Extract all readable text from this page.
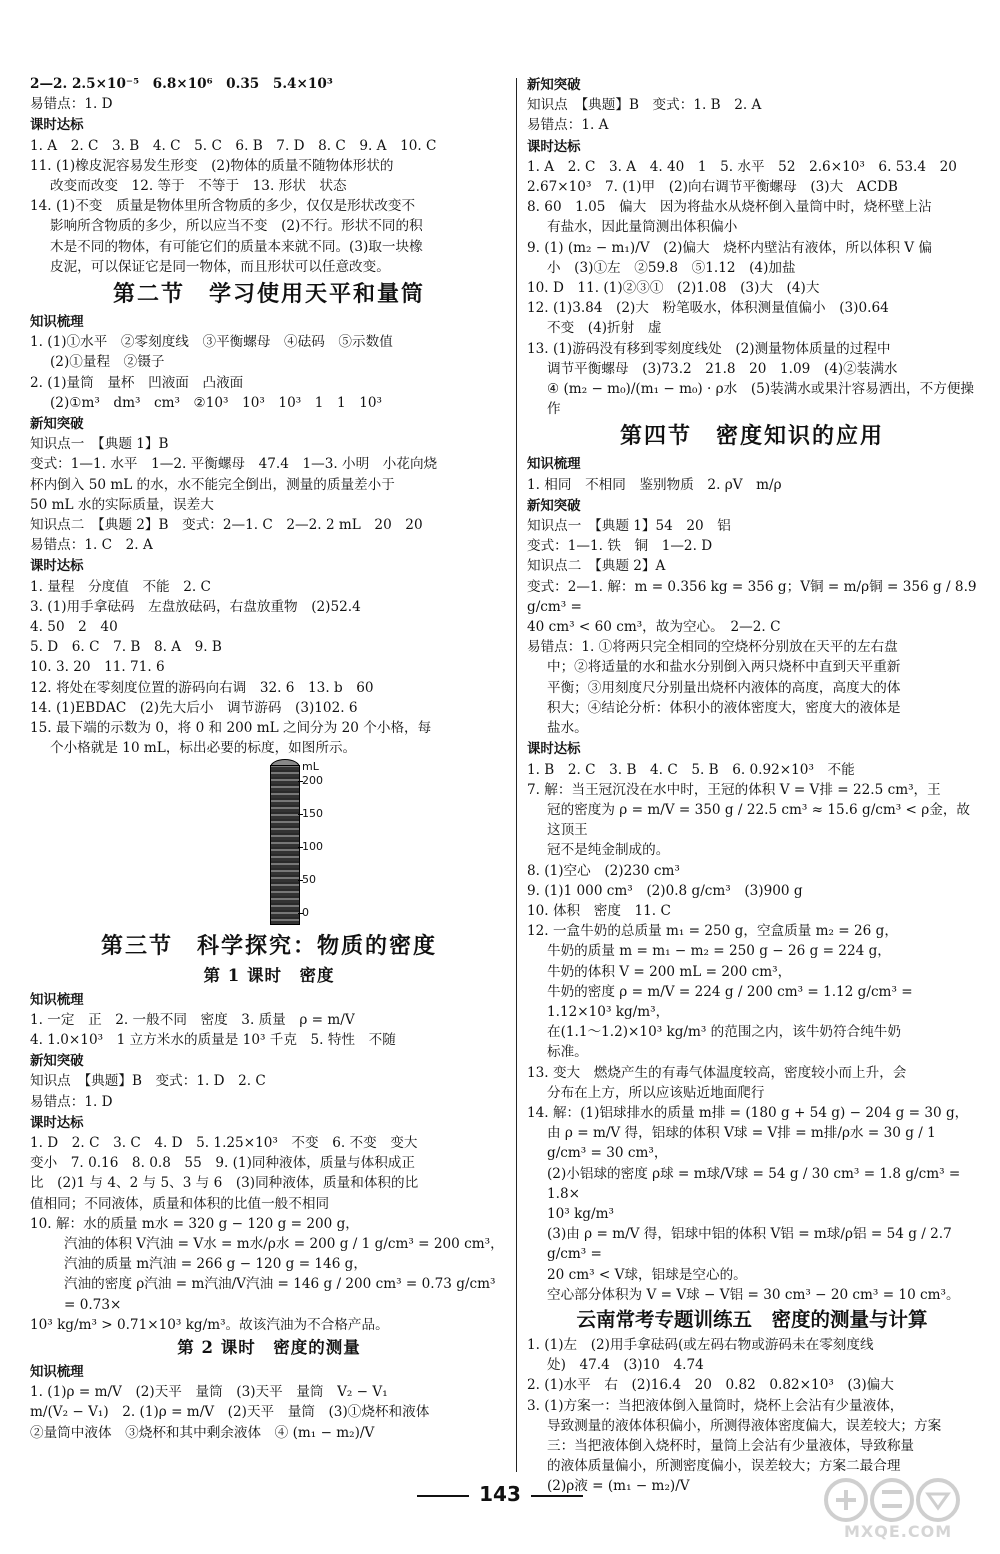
2—2. 2.5×10⁻⁵　6.8×10⁶　0.35　5.4×10³
易错点：1. D
课时达标
1. A　2. C　3. B　4. C　5. C　6. B　7. D　8. C　9. A　10. C
11. (1)橡皮泥容易发生形变　(2)物体的质量不随物体形状的
改变而改变　12. 等于　不等于　13. 形状　状态
14. (1)不变　质量是物体里所含物质的多少，仅仅是形状改变不
影响所含物质的多少，所以应当不变　(2)不行。形状不同的积
木是不同的物体，有可能它们的质量本来就不同。(3)取一块橡
皮泥，可以保证它是同一物体，而且形状可以任意改变。
第二节　学习使用天平和量筒
知识梳理
1. (1)①水平　②零刻度线　③平衡螺母　④砝码　⑤示数值
(2)①量程　②镊子
2. (1)量筒　量杯　凹液面　凸液面
(2)①m³　dm³　cm³　②10³　10³　10³　1　1　10³
新知突破
知识点一　【典题 1】B
变式：1—1. 水平　1—2. 平衡螺母　47.4　1—3. 小明　小花向烧
杯内倒入 50 mL 的水，水不能完全倒出，测量的质量差小于
50 mL 水的实际质量，误差大
知识点二　【典题 2】B　变式：2—1. C　2—2. 2 mL　20　20
易错点：1. C　2. A
课时达标
1. 量程　分度值　不能　2. C
3. (1)用手拿砝码　左盘放砝码，右盘放重物　(2)52.4
4. 50　2　40
5. D　6. C　7. B　8. A　9. B
10. 3. 20　11. 71. 6
12. 将处在零刻度位置的游码向右调　32. 6　13. b　60
14. (1)EBDAC　(2)先大后小　调节游码　(3)102. 6
15. 最下端的示数为 0，将 0 和 200 mL 之间分为 20 个小格，每
个小格就是 10 mL，标出必要的标度，如图所示。
mL
200
150
100
50
0
第三节　科学探究：物质的密度
第 1 课时　密度
知识梳理
1. 一定　正　2. 一般不同　密度　3. 质量　ρ = m/V
4. 1.0×10³　1 立方米水的质量是 10³ 千克　5. 特性　不随
新知突破
知识点　【典题】B　变式：1. D　2. C
易错点：1. D
课时达标
1. D　2. C　3. C　4. D　5. 1.25×10³　不变　6. 不变　变大
变小　7. 0.16　8. 0.8　55　9. (1)同种液体，质量与体积成正
比　(2)1 与 4、2 与 5、3 与 6　(3)同种液体，质量和体积的比
值相同；不同液体，质量和体积的比值一般不相同
10. 解：水的质量 m水 = 320 g − 120 g = 200 g，
汽油的体积 V汽油 = V水 = m水/ρ水 = 200 g / 1 g/cm³ = 200 cm³，
汽油的质量 m汽油 = 266 g − 120 g = 146 g，
汽油的密度 ρ汽油 = m汽油/V汽油 = 146 g / 200 cm³ = 0.73 g/cm³ = 0.73×
10³ kg/m³ > 0.71×10³ kg/m³。故该汽油为不合格产品。
第 2 课时　密度的测量
知识梳理
1. (1)ρ = m/V　(2)天平　量筒　(3)天平　量筒　V₂ − V₁
m/(V₂ − V₁)　2. (1)ρ = m/V　(2)天平　量筒　(3)①烧杯和液体
②量筒中液体　③烧杯和其中剩余液体　④ (m₁ − m₂)/V
新知突破
知识点　【典题】B　变式：1. B　2. A
易错点：1. A
课时达标
1. A　2. C　3. A　4. 40　1　5. 水平　52　2.6×10³　6. 53.4　20
2.67×10³　7. (1)甲　(2)向右调节平衡螺母　(3)大　ACDB
8. 60　1.05　偏大　因为将盐水从烧杯倒入量筒中时，烧杯壁上沾
有盐水，因此量筒测出体积偏小
9. (1) (m₂ − m₁)/V　(2)偏大　烧杯内壁沾有液体，所以体积 V 偏
小　(3)①左　②59.8　⑤1.12　(4)加盐
10. D　11. (1)②③①　(2)1.08　(3)大　(4)大
12. (1)3.84　(2)大　粉笔吸水，体积测量值偏小　(3)0.64
不变　(4)折射　虚
13. (1)游码没有移到零刻度线处　(2)测量物体质量的过程中
调节平衡螺母　(3)73.2　21.8　20　1.09　(4)②装满水
④ (m₂ − m₀)/(m₁ − m₀) · ρ水　(5)装满水或果汁容易洒出，不方便操作
第四节　密度知识的应用
知识梳理
1. 相同　不相同　鉴别物质　2. ρV　m/ρ
新知突破
知识点一　【典题 1】54　20　铝
变式：1—1. 铁　铜　1—2. D
知识点二　【典题 2】A
变式：2—1. 解：m = 0.356 kg = 356 g；V铜 = m/ρ铜 = 356 g / 8.9 g/cm³ =
40 cm³ < 60 cm³，故为空心。　2—2. C
易错点：1. ①将两只完全相同的空烧杯分别放在天平的左右盘
中；②将适量的水和盐水分别倒入两只烧杯中直到天平重新
平衡；③用刻度尺分别量出烧杯内液体的高度，高度大的体
积大；④结论分析：体积小的液体密度大，密度大的液体是
盐水。
课时达标
1. B　2. C　3. B　4. C　5. B　6. 0.92×10³　不能
7. 解：当王冠沉没在水中时，王冠的体积 V = V排 = 22.5 cm³，王
冠的密度为 ρ = m/V = 350 g / 22.5 cm³ ≈ 15.6 g/cm³ < ρ金，故这顶王
冠不是纯金制成的。
8. (1)空心　(2)230 cm³
9. (1)1 000 cm³　(2)0.8 g/cm³　(3)900 g
10. 体积　密度　11. C
12. 一盒牛奶的总质量 m₁ = 250 g，空盒质量 m₂ = 26 g，
牛奶的质量 m = m₁ − m₂ = 250 g − 26 g = 224 g，
牛奶的体积 V = 200 mL = 200 cm³，
牛奶的密度 ρ = m/V = 224 g / 200 cm³ = 1.12 g/cm³ = 1.12×10³ kg/m³，
在(1.1～1.2)×10³ kg/m³ 的范围之内，该牛奶符合纯牛奶
标准。
13. 变大　燃烧产生的有毒气体温度较高，密度较小而上升，会
分布在上方，所以应该贴近地面爬行
14. 解：(1)铝球排水的质量 m排 = (180 g + 54 g) − 204 g = 30 g，
由 ρ = m/V 得，铝球的体积 V球 = V排 = m排/ρ水 = 30 g / 1 g/cm³ = 30 cm³，
(2)小铝球的密度 ρ球 = m球/V球 = 54 g / 30 cm³ = 1.8 g/cm³ = 1.8×
10³ kg/m³
(3)由 ρ = m/V 得，铝球中铝的体积 V铝 = m球/ρ铝 = 54 g / 2.7 g/cm³ =
20 cm³ < V球，铝球是空心的。
空心部分体积为 V = V球 − V铝 = 30 cm³ − 20 cm³ = 10 cm³。
云南常考专题训练五　密度的测量与计算
1. (1)左　(2)用手拿砝码(或左码右物或游码未在零刻度线
处)　47.4　(3)10　4.74
2. (1)水平　右　(2)16.4　20　0.82　0.82×10³　(3)偏大
3. (1)方案一：当把液体倒入量筒时，烧杯上会沾有少量液体，
导致测量的液体体积偏小，所测得液体密度偏大，误差较大；方案
三：当把液体倒入烧杯时，量筒上会沾有少量液体，导致称量
的液体质量偏小，所测密度偏小，误差较大；方案二最合理
(2)ρ液 = (m₁ − m₂)/V
143
MXQE.COM
